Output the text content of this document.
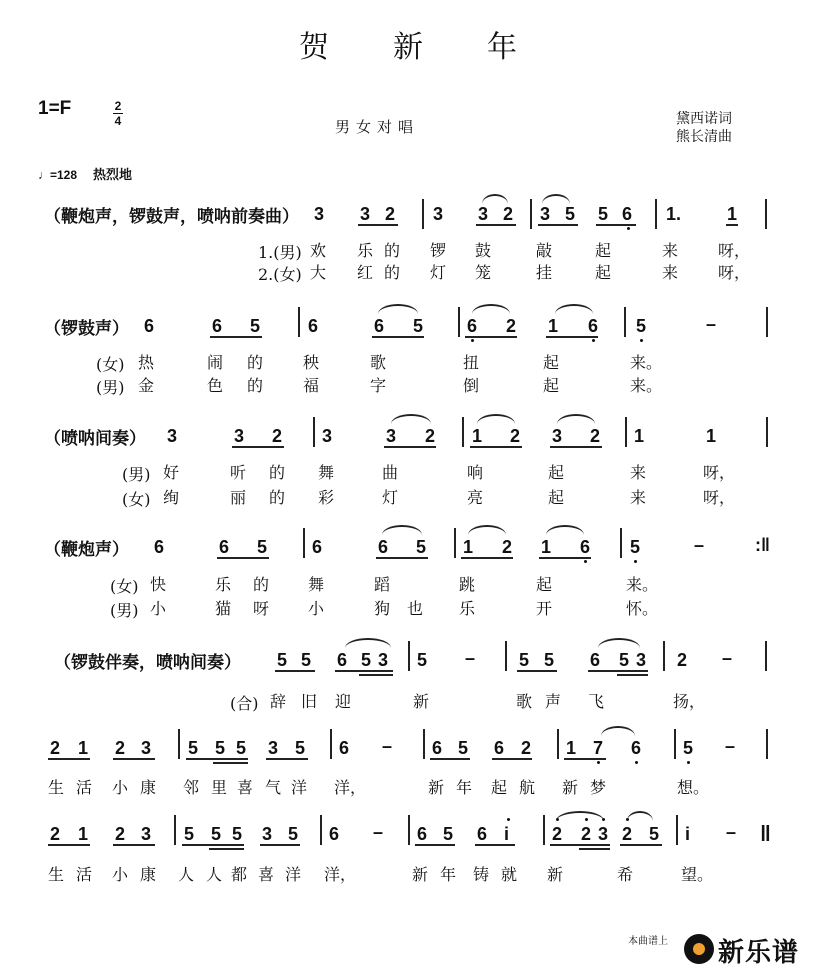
贺 新 年
1=F	2
4	男女对唱	黛西诺词
熊长清曲
♩=128 热烈地
（鞭炮声，锣鼓声，喷呐前奏曲） 3 3 2 3 3 2 3 5 5 6 1.	1
1.(男) 欢 乐 的 锣 鼓	敲	起	来 呀，
2.(女) 大 红 的 灯 笼	挂	起	来 呀，
（锣鼓声） 6	6 5	6	6 5 6 2 1 6 5	–
(女) 热	闹 的 秧	歌	扭	起	来。
(男) 金	色 的 福	字	倒	起	来。
（喷呐间奏） 3	3 2 3	3 2 1 2 3 2 1	1
(男) 好	听 的 舞	曲	响	起	来	呀，
(女) 绚	丽 的 彩	灯	亮	起	来	呀，
（鞭炮声） 6	6 5 6	6 5 1 2 1 6 5	–	:‖
(女) 快	乐 的 舞	蹈	跳	起	来。
(男) 小	猫 呀 小	狗 也 乐	开	怀。
（锣鼓伴奏，喷呐间奏） 5 5 6 5 3 5 – 5 5 6 5 3 2 –
(合) 辞 旧 迎	新	歌 声 飞	扬，
2 1 2 3 5 5 5 3 5 6 – 6 5 6 2 1 7 6 5 –
生 活 小 康 邻 里 喜 气 洋 洋，	新 年 起 航 新 梦	想。
2 1 2 3 5 5 5 3 5 6 – 6 5 6 i 2 2 3 2 5 i – ‖
生 活 小 康 人 人 都 喜 洋 洋，	新 年 铸 就 新	希	望。
本曲谱上 新乐谱
